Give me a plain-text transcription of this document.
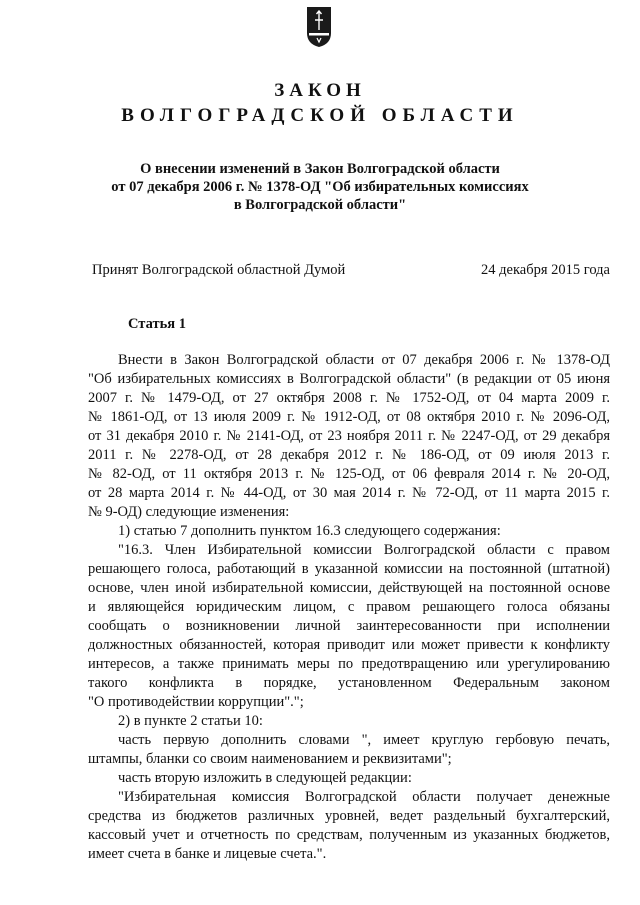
ЗАКОН
ВОЛГОГРАДСКОЙ ОБЛАСТИ
О внесении изменений в Закон Волгоградской области
от 07 декабря 2006 г. № 1378-ОД "Об избирательных комиссиях
в Волгоградской области"
Принят Волгоградской областной Думой	24 декабря 2015 года
Статья 1
Внести в Закон Волгоградской области от 07 декабря 2006 г. № 1378-ОД
"Об избирательных комиссиях в Волгоградской области" (в редакции от 05 июня
2007 г. № 1479-ОД, от 27 октября 2008 г. № 1752-ОД, от 04 марта 2009 г.
№ 1861-ОД, от 13 июля 2009 г. № 1912-ОД, от 08 октября 2010 г. № 2096-ОД,
от 31 декабря 2010 г. № 2141-ОД, от 23 ноября 2011 г. № 2247-ОД, от 29 декабря
2011 г. № 2278-ОД, от 28 декабря 2012 г. № 186-ОД, от 09 июля 2013 г.
№ 82-ОД, от 11 октября 2013 г. № 125-ОД, от 06 февраля 2014 г. № 20-ОД,
от 28 марта 2014 г. № 44-ОД, от 30 мая 2014 г. № 72-ОД, от 11 марта 2015 г.
№ 9-ОД) следующие изменения:
1) статью 7 дополнить пунктом 16.3 следующего содержания:
"16.3. Член Избирательной комиссии Волгоградской области с правом
решающего голоса, работающий в указанной комиссии на постоянной (штатной)
основе, член иной избирательной комиссии, действующей на постоянной основе
и являющейся юридическим лицом, с правом решающего голоса обязаны
сообщать о возникновении личной заинтересованности при исполнении
должностных обязанностей, которая приводит или может привести к конфликту
интересов, а также принимать меры по предотвращению или урегулированию
такого конфликта в порядке, установленном Федеральным законом
"О противодействии коррупции".";
2) в пункте 2 статьи 10:
часть первую дополнить словами ", имеет круглую гербовую печать,
штампы, бланки со своим наименованием и реквизитами";
часть вторую изложить в следующей редакции:
"Избирательная комиссия Волгоградской области получает денежные
средства из бюджетов различных уровней, ведет раздельный бухгалтерский,
кассовый учет и отчетность по средствам, полученным из указанных бюджетов,
имеет счета в банке и лицевые счета.".
